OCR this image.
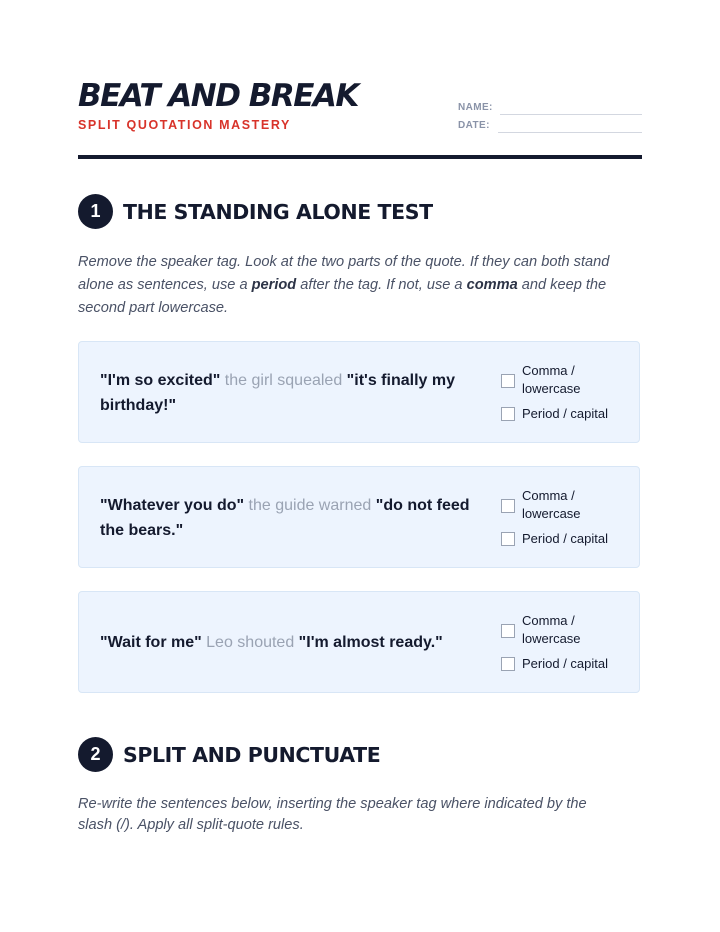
BEAT AND BREAK
SPLIT QUOTATION MASTERY
NAME:
DATE:
1	THE STANDING ALONE TEST
Remove the speaker tag. Look at the two parts of the quote. If they can both stand alone as sentences, use a period after the tag. If not, use a comma and keep the second part lowercase.
"I'm so excited" the girl squealed "it's finally my birthday!"
Comma / lowercase
Period / capital
"Whatever you do" the guide warned "do not feed the bears."
Comma / lowercase
Period / capital
"Wait for me" Leo shouted "I'm almost ready."
Comma / lowercase
Period / capital
2	SPLIT AND PUNCTUATE
Re-write the sentences below, inserting the speaker tag where indicated by the slash (/). Apply all split-quote rules.
